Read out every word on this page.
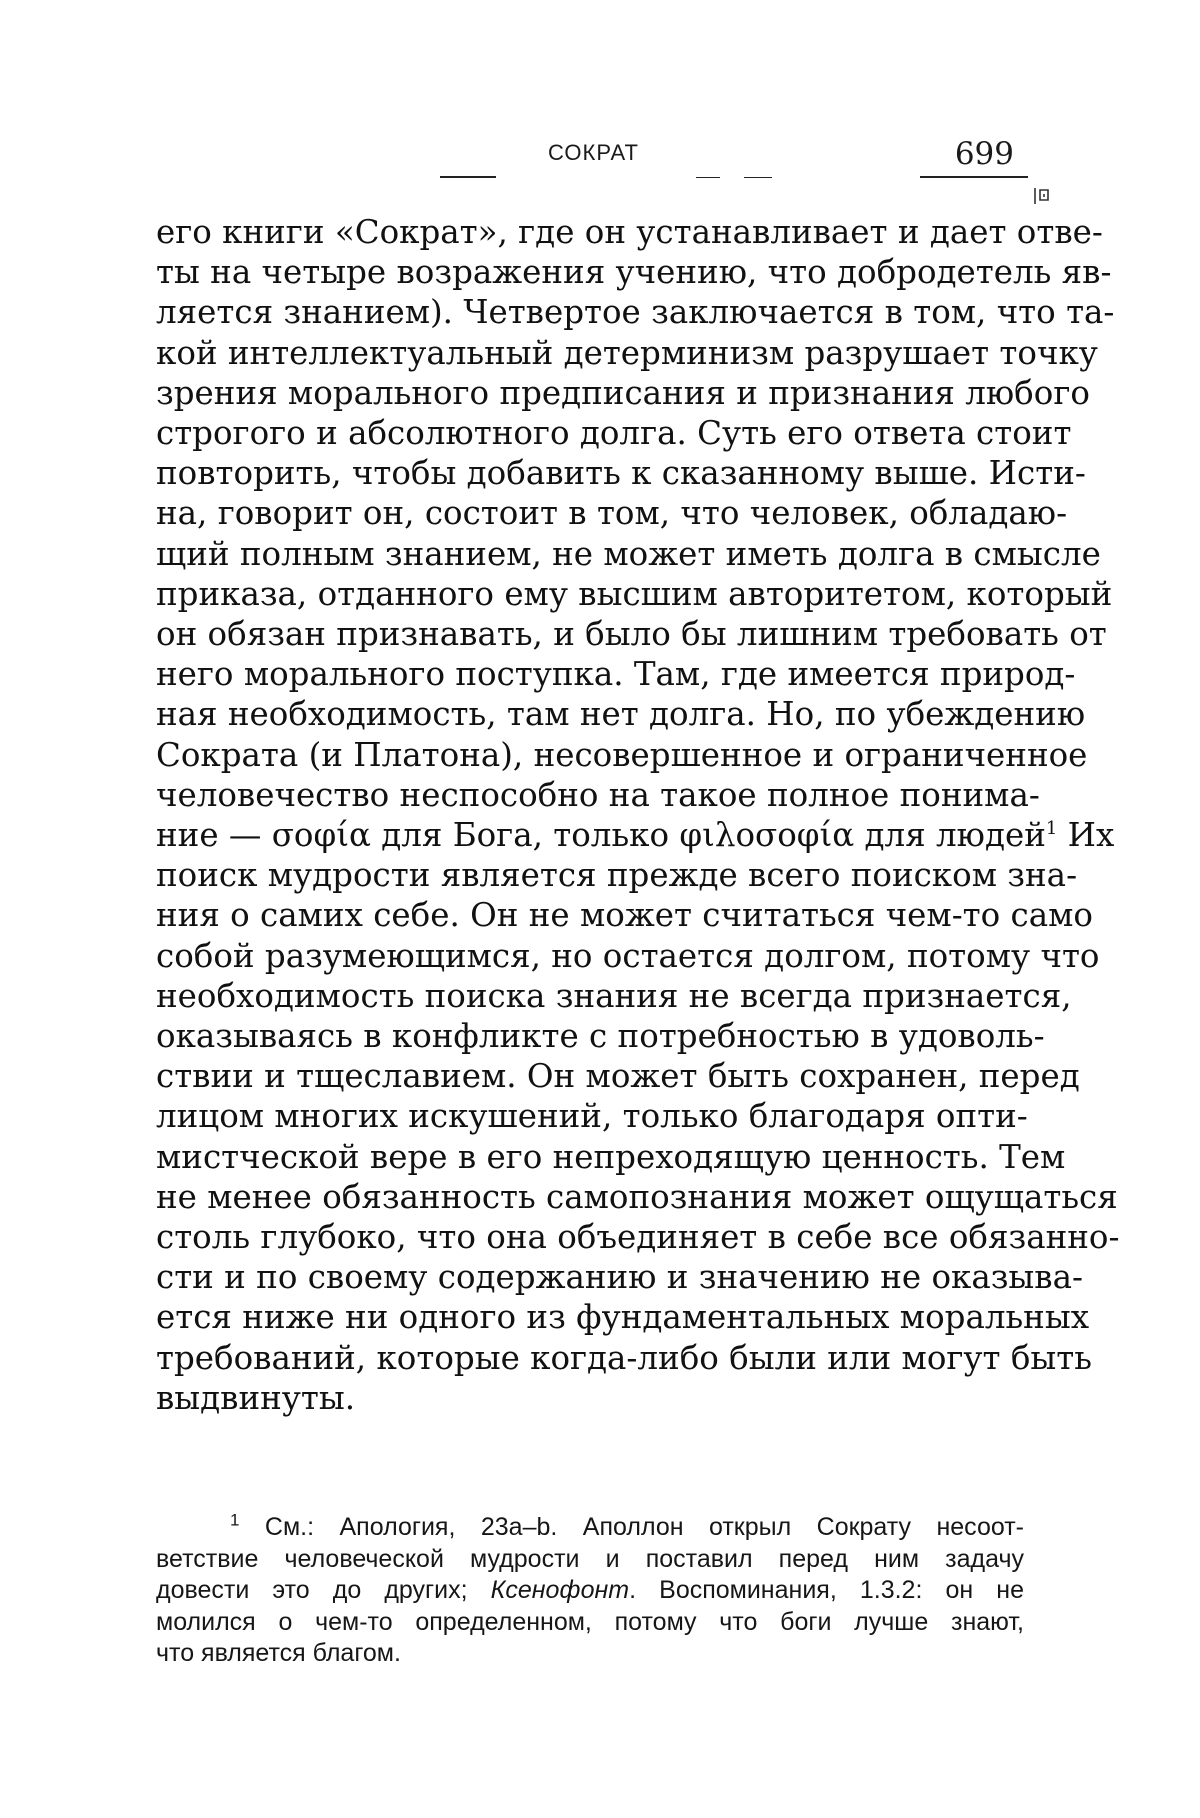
СОКРАТ	699
его книги «Сократ», где он устанавливает и дает отве-
ты на четыре возражения учению, что добродетель яв-
ляется знанием). Четвертое заключается в том, что та-
кой интеллектуальный детерминизм разрушает точку
зрения морального предписания и признания любого
строгого и абсолютного долга. Суть его ответа стоит
повторить, чтобы добавить к сказанному выше. Исти-
на, говорит он, состоит в том, что человек, обладаю-
щий полным знанием, не может иметь долга в смысле
приказа, отданного ему высшим авторитетом, который
он обязан признавать, и было бы лишним требовать от
него морального поступка. Там, где имеется природ-
ная необходимость, там нет долга. Но, по убеждению
Сократа (и Платона), несовершенное и ограниченное
человечество неспособно на такое полное понима-
ние — σοφία для Бога, только φιλοσοφία для людей$^1$ Их
поиск мудрости является прежде всего поиском зна-
ния о самих себе. Он не может считаться чем-то само
собой разумеющимся, но остается долгом, потому что
необходимость поиска знания не всегда признается,
оказываясь в конфликте с потребностью в удоволь-
ствии и тщеславием. Он может быть сохранен, перед
лицом многих искушений, только благодаря опти-
мистческой вере в его непреходящую ценность. Тем
не менее обязанность самопознания может ощущаться
столь глубоко, что она объединяет в себе все обязанно-
сти и по своему содержанию и значению не оказыва-
ется ниже ни одного из фундаментальных моральных
требований, которые когда-либо были или могут быть
выдвинуты.
$^1$ См.: Апология, 23a–b. Аполлон открыл Сократу несоот-
ветствие человеческой мудрости и поставил перед ним задачу
довести это до других; Ксенофонт. Воспоминания, 1.3.2: он не
молился о чем-то определенном, потому что боги лучше знают,
что является благом.
